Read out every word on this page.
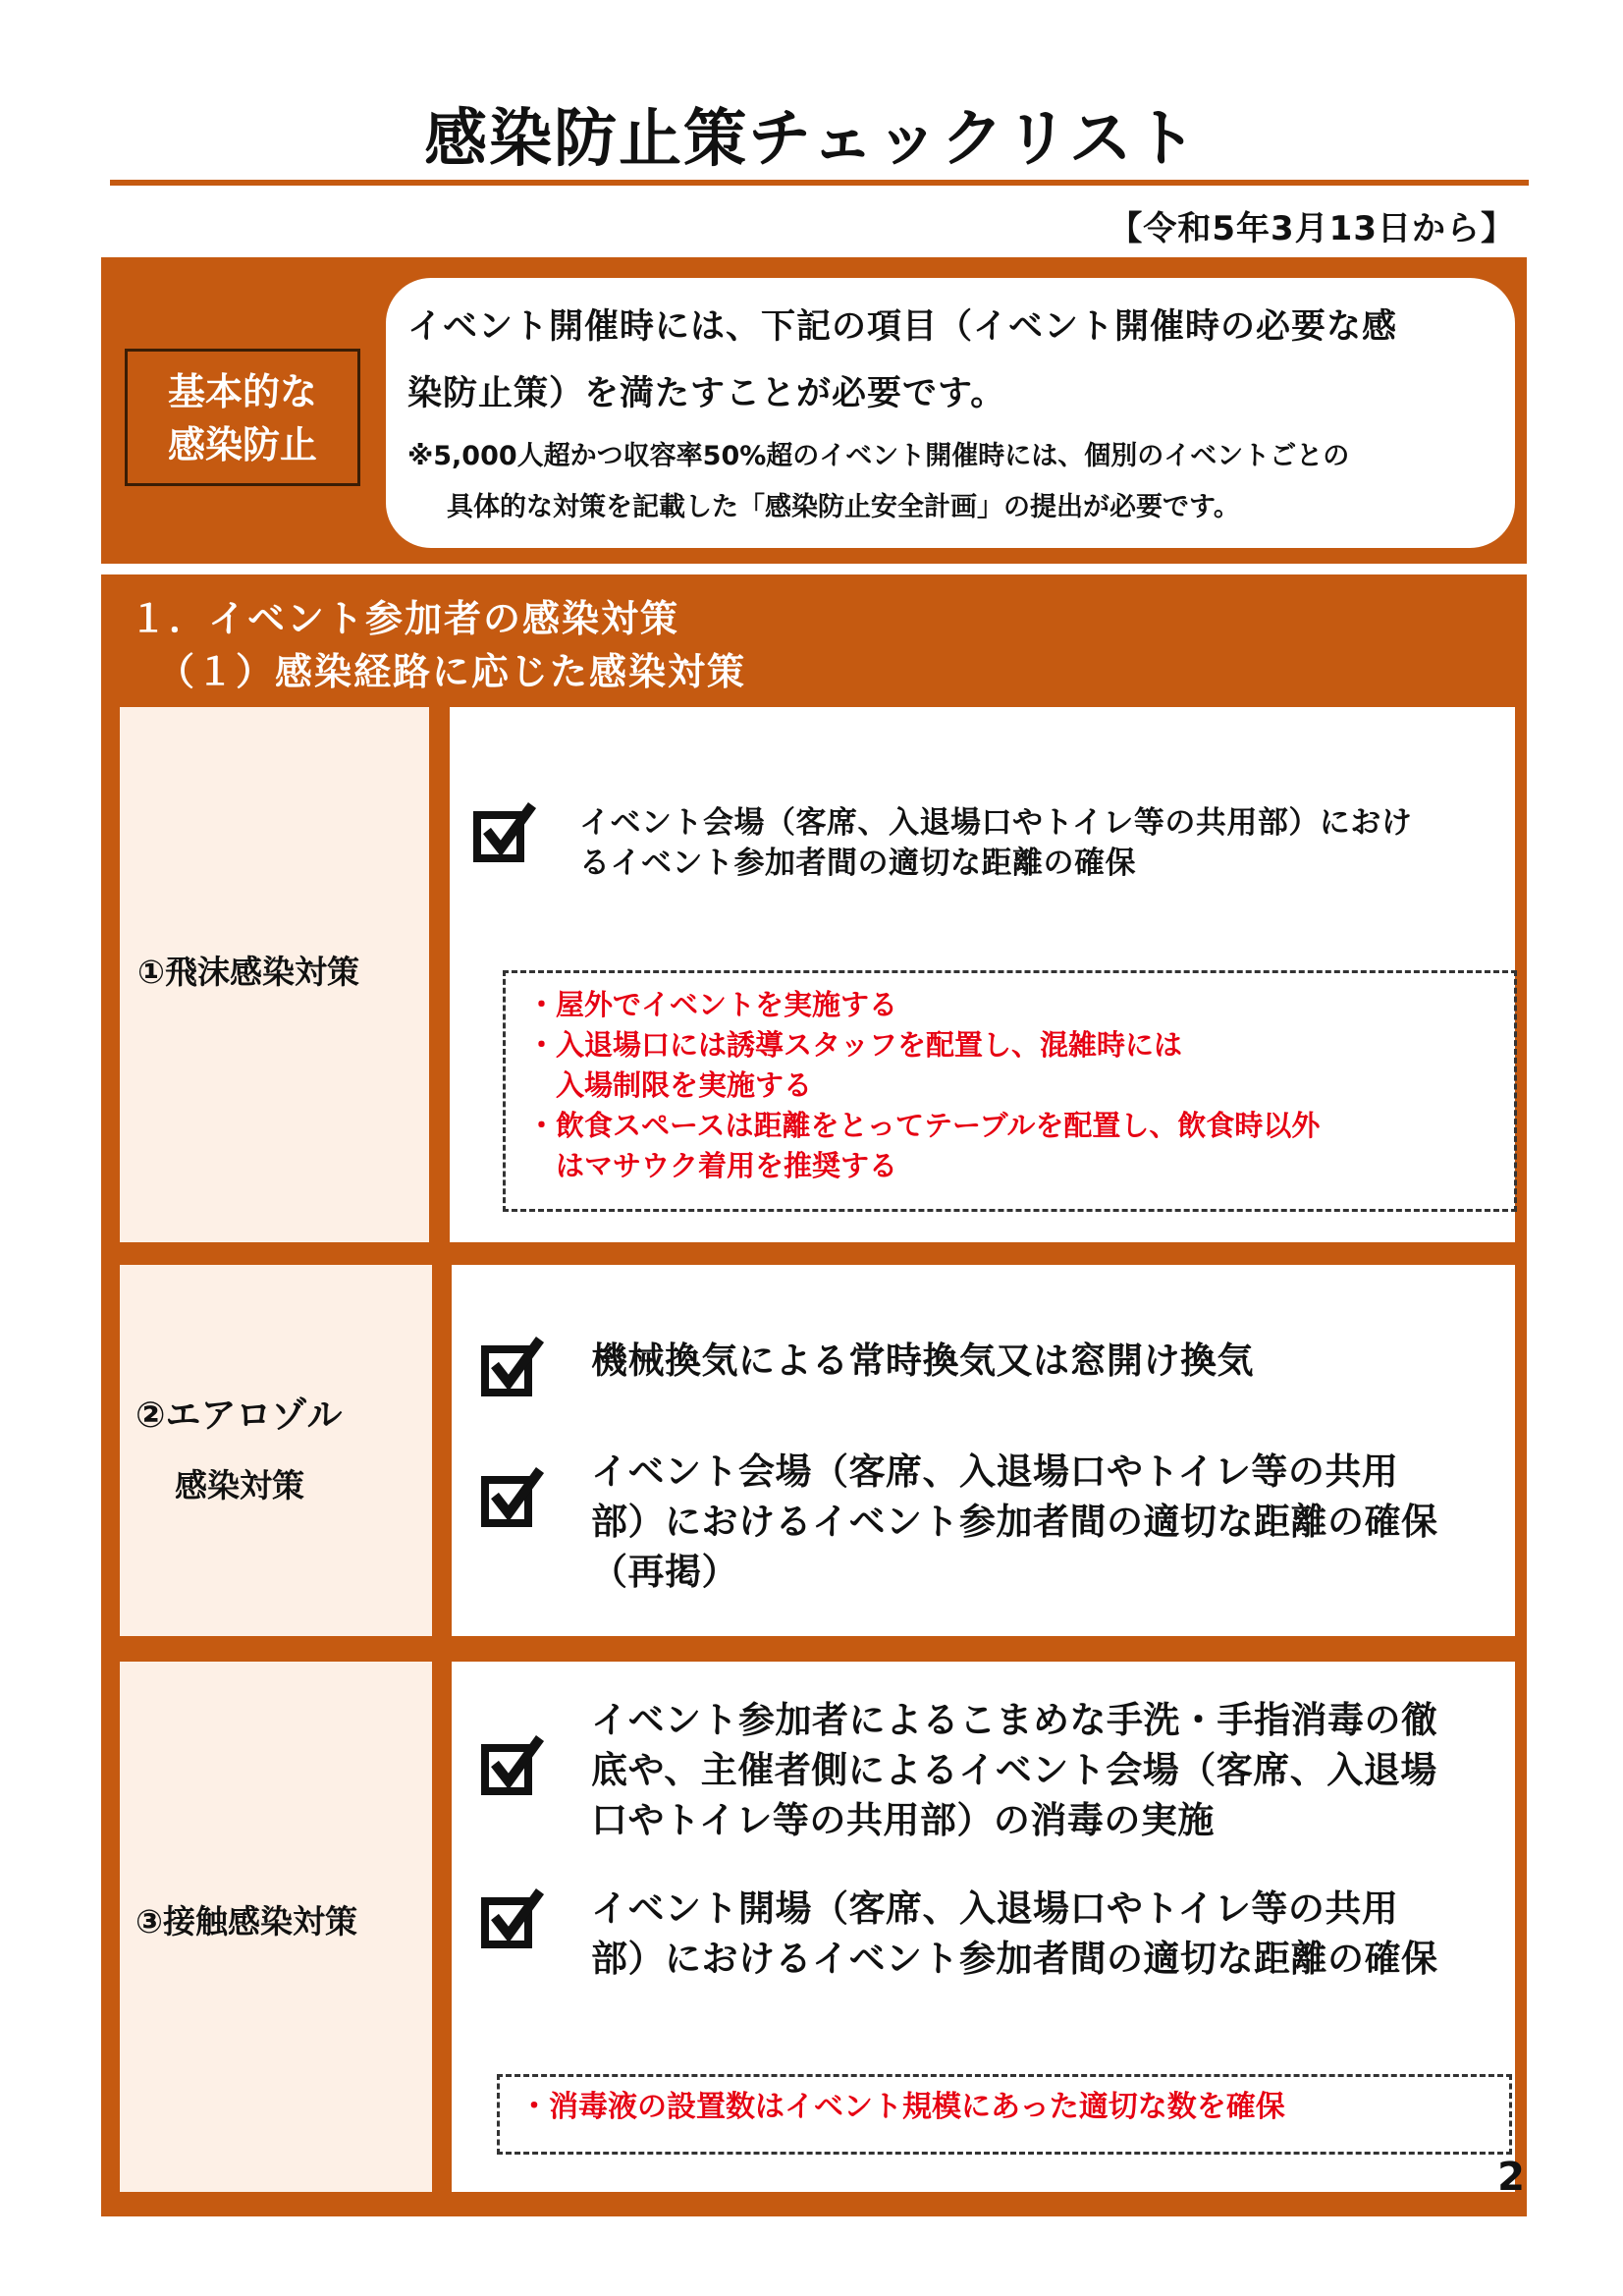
感染防止策チェックリスト
【令和5年3月13日から】
基本的な
感染防止
イベント開催時には、下記の項目（イベント開催時の必要な感
染防止策）を満たすことが必要です。
※5,000人超かつ収容率50%超のイベント開催時には、個別のイベントごとの
具体的な対策を記載した「感染防止安全計画」の提出が必要です。
１．イベント参加者の感染対策
（１）感染経路に応じた感染対策
①飛沫感染対策
イベント会場（客席、入退場口やトイレ等の共用部）におけ
るイベント参加者間の適切な距離の確保
・屋外でイベントを実施する
・入退場口には誘導スタッフを配置し、混雑時には
　入場制限を実施する
・飲食スペースは距離をとってテーブルを配置し、飲食時以外
　はマサウク着用を推奨する
②エアロゾル
感染対策
機械換気による常時換気又は窓開け換気
イベント会場（客席、入退場口やトイレ等の共用
部）におけるイベント参加者間の適切な距離の確保
（再掲）
③接触感染対策
イベント参加者によるこまめな手洗・手指消毒の徹
底や、主催者側によるイベント会場（客席、入退場
口やトイレ等の共用部）の消毒の実施
イベント開場（客席、入退場口やトイレ等の共用
部）におけるイベント参加者間の適切な距離の確保
・消毒液の設置数はイベント規模にあった適切な数を確保
2
